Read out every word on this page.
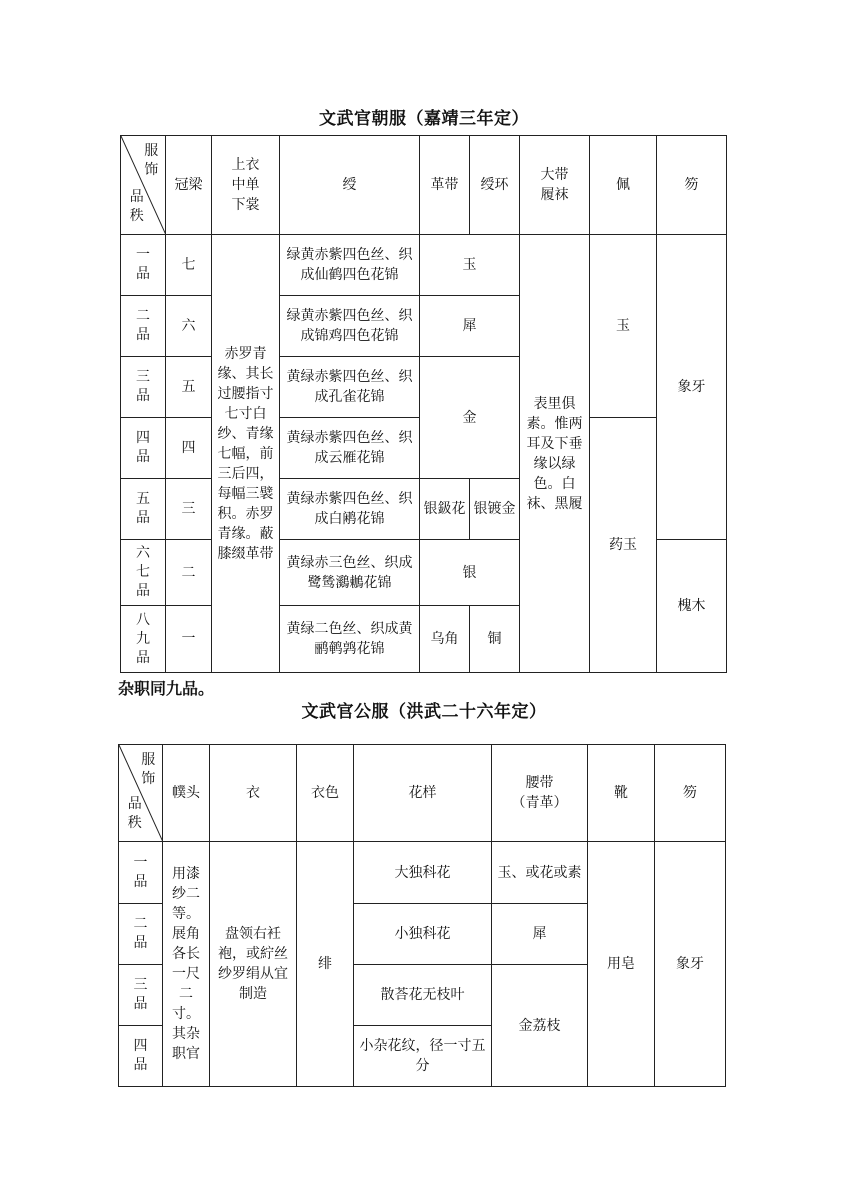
文武官朝服（嘉靖三年定）
服饰
品秩	冠梁	上衣
中单
下裳	绶	革带	绶环	大带
履袜	佩	笏
一品	七	赤罗青缘、其长过腰指寸七寸白纱、青缘
七幅，前三后四，每幅三襞积。赤罗青缘。蔽膝缀革带	绿黄赤紫四色丝、织成仙鹤四色花锦	玉		表里俱素。惟两耳及下垂缘以绿色。白袜、黑履	玉	象牙
二品	六		绿黄赤紫四色丝、织成锦鸡四色花锦	犀				
三品	五		黄绿赤紫四色丝、织成孔雀花锦	金				
四品	四		黄绿赤紫四色丝、织成云雁花锦				药玉	
五品	三		黄绿赤紫四色丝、织成白鹇花锦	银鈒花	银镀金			
六七品	二		黄绿赤三色丝、织成鹭鸶鸂鶒花锦	银				槐木
八九品	一		黄绿二色丝、织成黄鹂鹌鹑花锦	乌角	铜			
杂职同九品。
文武官公服（洪武二十六年定）
服饰
品秩	幞头	衣	衣色	花样	腰带
（青革）	靴	笏
一品	用漆纱二等。展角各长一尺二寸。其杂职官	盘领右衽袍，或紵丝纱罗绢从宜制造	绯	大独科花	玉、或花或素	用皂	象牙
二品				小独科花	犀		
三品				散荅花无枝叶	金荔枝		
四品				小杂花纹，径一寸五分			
